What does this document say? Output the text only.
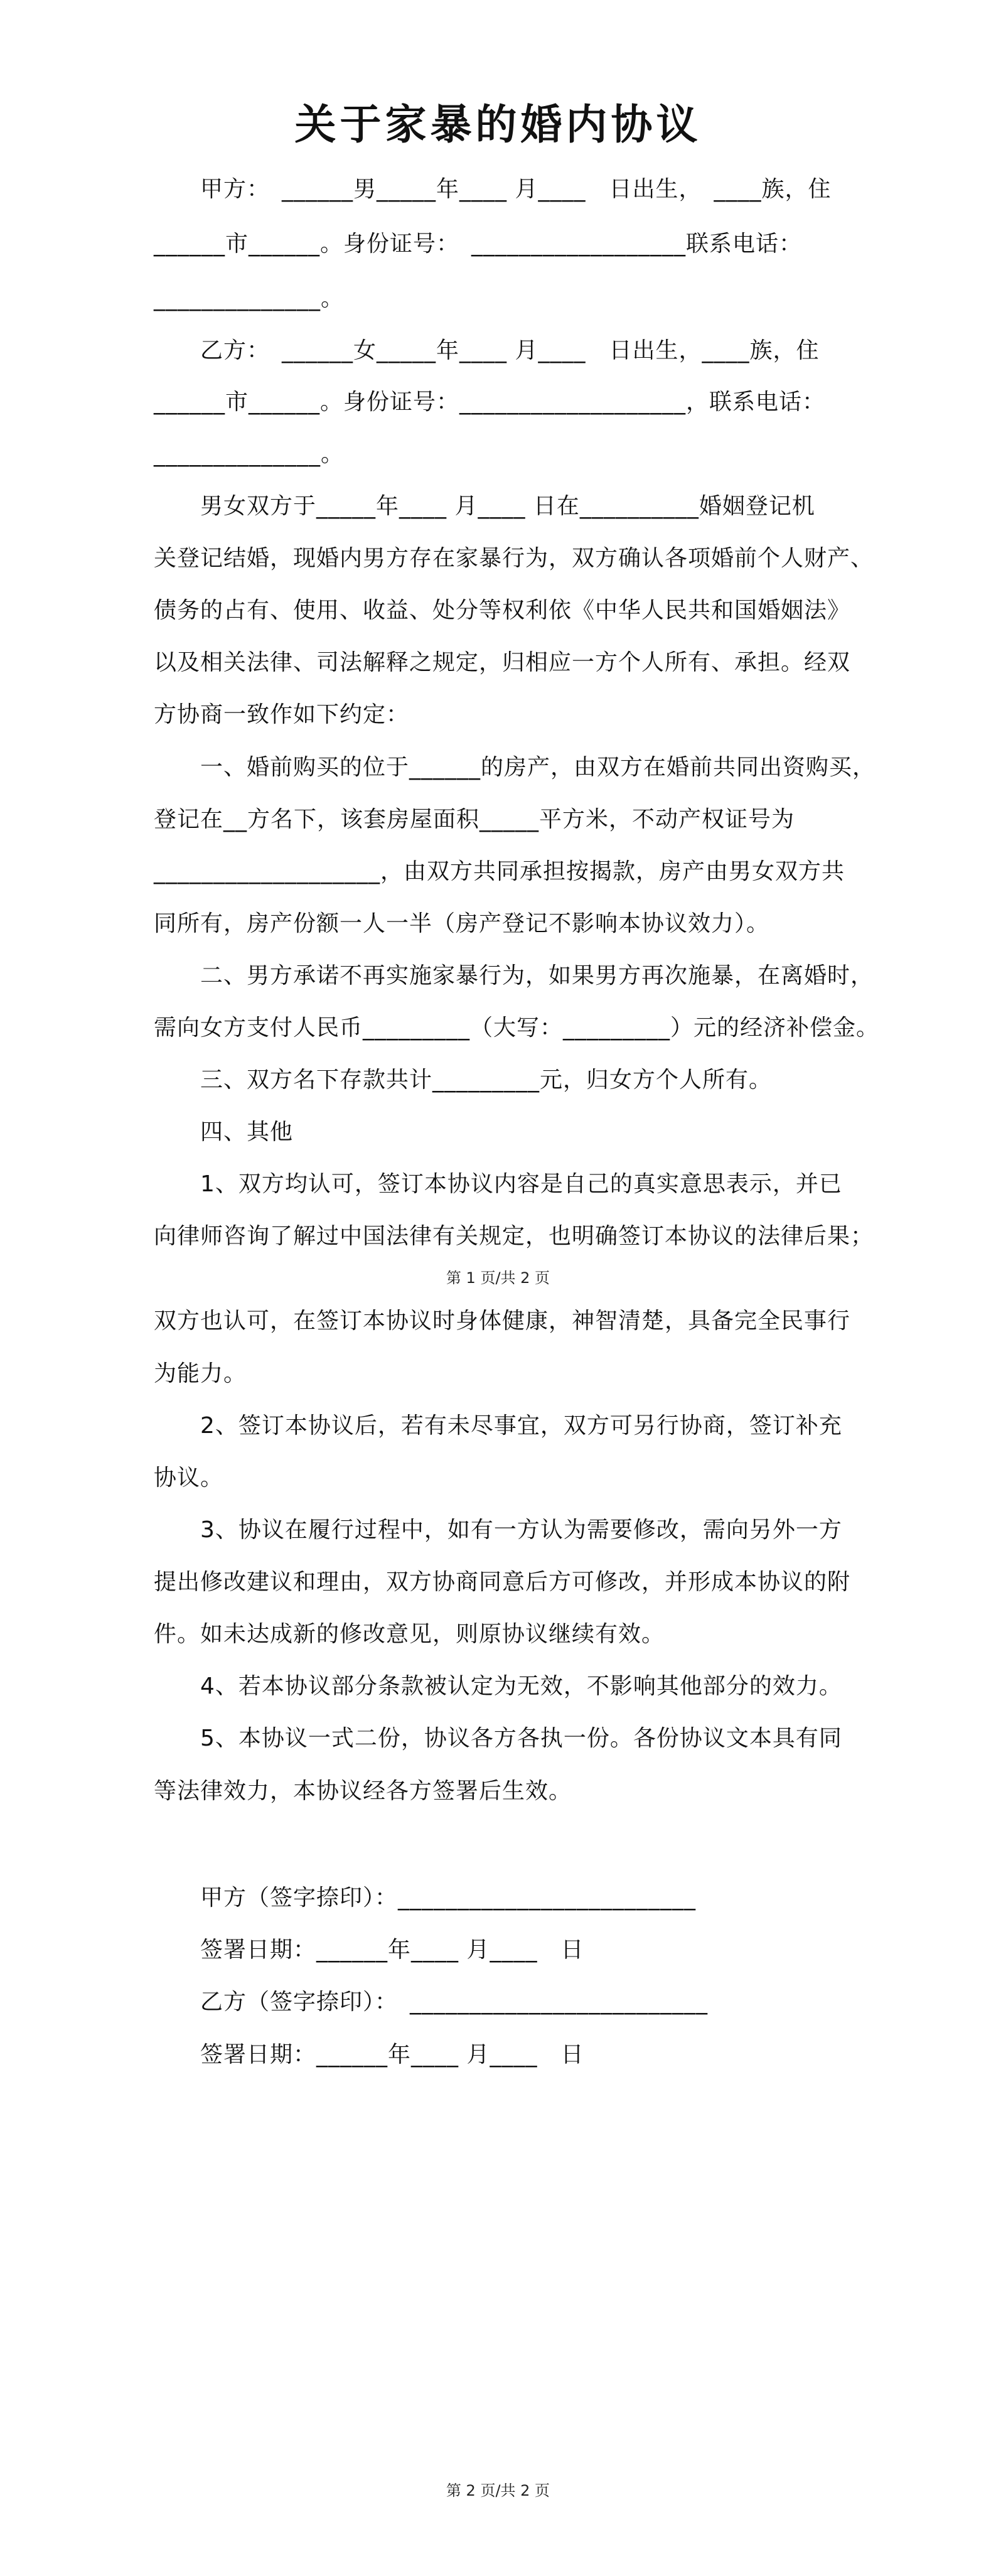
关于家暴的婚内协议
　　甲方：　______男_____年____ 月____　日出生，　____族，住
______市______。身份证号：　__________________联系电话：
______________。
　　乙方：　______女_____年____ 月____　日出生，____族，住
______市______。身份证号：___________________，联系电话：
______________。
　　男女双方于_____年____ 月____ 日在__________婚姻登记机
关登记结婚，现婚内男方存在家暴行为，双方确认各项婚前个人财产、
债务的占有、使用、收益、处分等权利依《中华人民共和国婚姻法》
以及相关法律、司法解释之规定，归相应一方个人所有、承担。经双
方协商一致作如下约定：
　　一、婚前购买的位于______的房产，由双方在婚前共同出资购买，
登记在__方名下，该套房屋面积_____平方米，不动产权证号为
___________________，由双方共同承担按揭款，房产由男女双方共
同所有，房产份额一人一半（房产登记不影响本协议效力）。
　　二、男方承诺不再实施家暴行为，如果男方再次施暴，在离婚时，
需向女方支付人民币_________（大写：_________）元的经济补偿金。
　　三、双方名下存款共计_________元，归女方个人所有。
　　四、其他
　　1、双方均认可，签订本协议内容是自己的真实意思表示，并已
向律师咨询了解过中国法律有关规定，也明确签订本协议的法律后果；
第 1 页/共 2 页
双方也认可，在签订本协议时身体健康，神智清楚，具备完全民事行
为能力。
　　2、签订本协议后，若有未尽事宜，双方可另行协商，签订补充
协议。
　　3、协议在履行过程中，如有一方认为需要修改，需向另外一方
提出修改建议和理由，双方协商同意后方可修改，并形成本协议的附
件。如未达成新的修改意见，则原协议继续有效。
　　4、若本协议部分条款被认定为无效，不影响其他部分的效力。
　　5、本协议一式二份，协议各方各执一份。各份协议文本具有同
等法律效力，本协议经各方签署后生效。
　　甲方（签字捺印）：_________________________
　　签署日期：______年____ 月____　日
　　乙方（签字捺印）：　_________________________
　　签署日期：______年____ 月____　日
第 2 页/共 2 页
